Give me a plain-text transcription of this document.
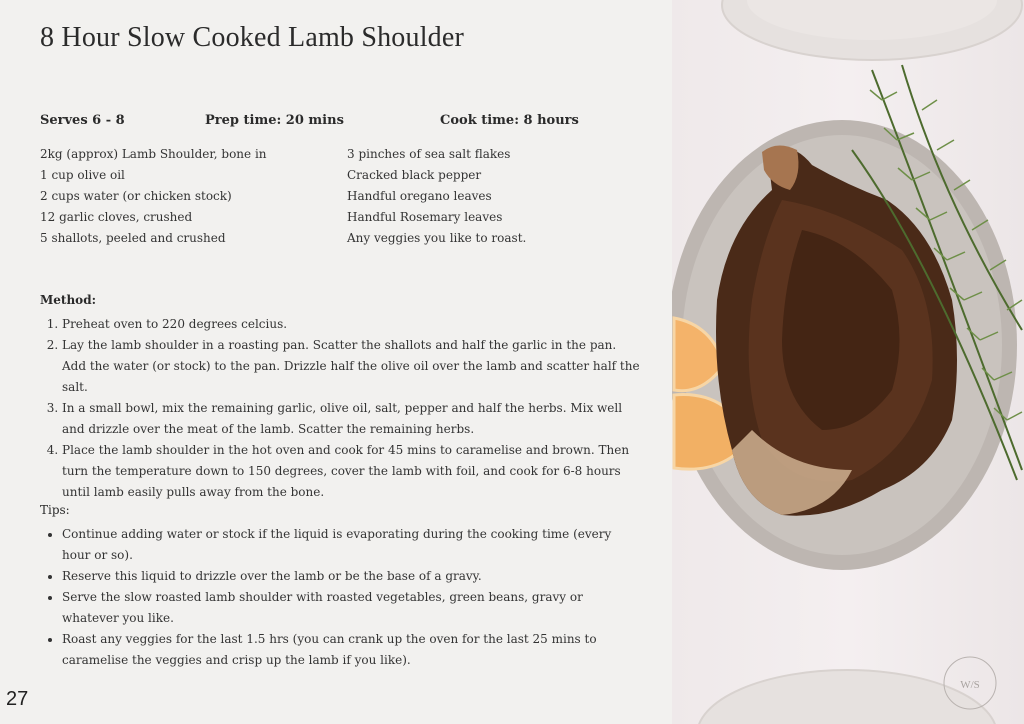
8 Hour Slow Cooked Lamb Shoulder
Serves 6 - 8	Prep time: 20 mins	Cook time: 8 hours
2kg (approx) Lamb Shoulder, bone in
1 cup olive oil
2 cups water (or chicken stock)
12 garlic cloves, crushed
5 shallots, peeled and crushed
3 pinches of sea salt flakes
Cracked black pepper
Handful oregano leaves
Handful Rosemary leaves
Any veggies you like to roast.
Method:
1. Preheat oven to 220 degrees celcius.
2. Lay the lamb shoulder in a roasting pan. Scatter the shallots and half the garlic in the pan. Add the water (or stock) to the pan. Drizzle half the olive oil over the lamb and scatter half the salt.
3. In a small bowl, mix the remaining garlic, olive oil, salt, pepper and half the herbs. Mix well and drizzle over the meat of the lamb. Scatter the remaining herbs.
4. Place the lamb shoulder in the hot oven and cook for 45 mins to caramelise and brown. Then turn the temperature down to 150 degrees, cover the lamb with foil, and cook for 6-8 hours until lamb easily pulls away from the bone.
Tips:
• Continue adding water or stock if the liquid is evaporating during the cooking time (every hour or so).
• Reserve this liquid to drizzle over the lamb or be the base of a gravy.
• Serve the slow roasted lamb shoulder with roasted vegetables, green beans, gravy or whatever you like.
• Roast any veggies for the last 1.5 hrs (you can crank up the oven for the last 25 mins to caramelise the veggies and crisp up the lamb if you like).
27
W/S
